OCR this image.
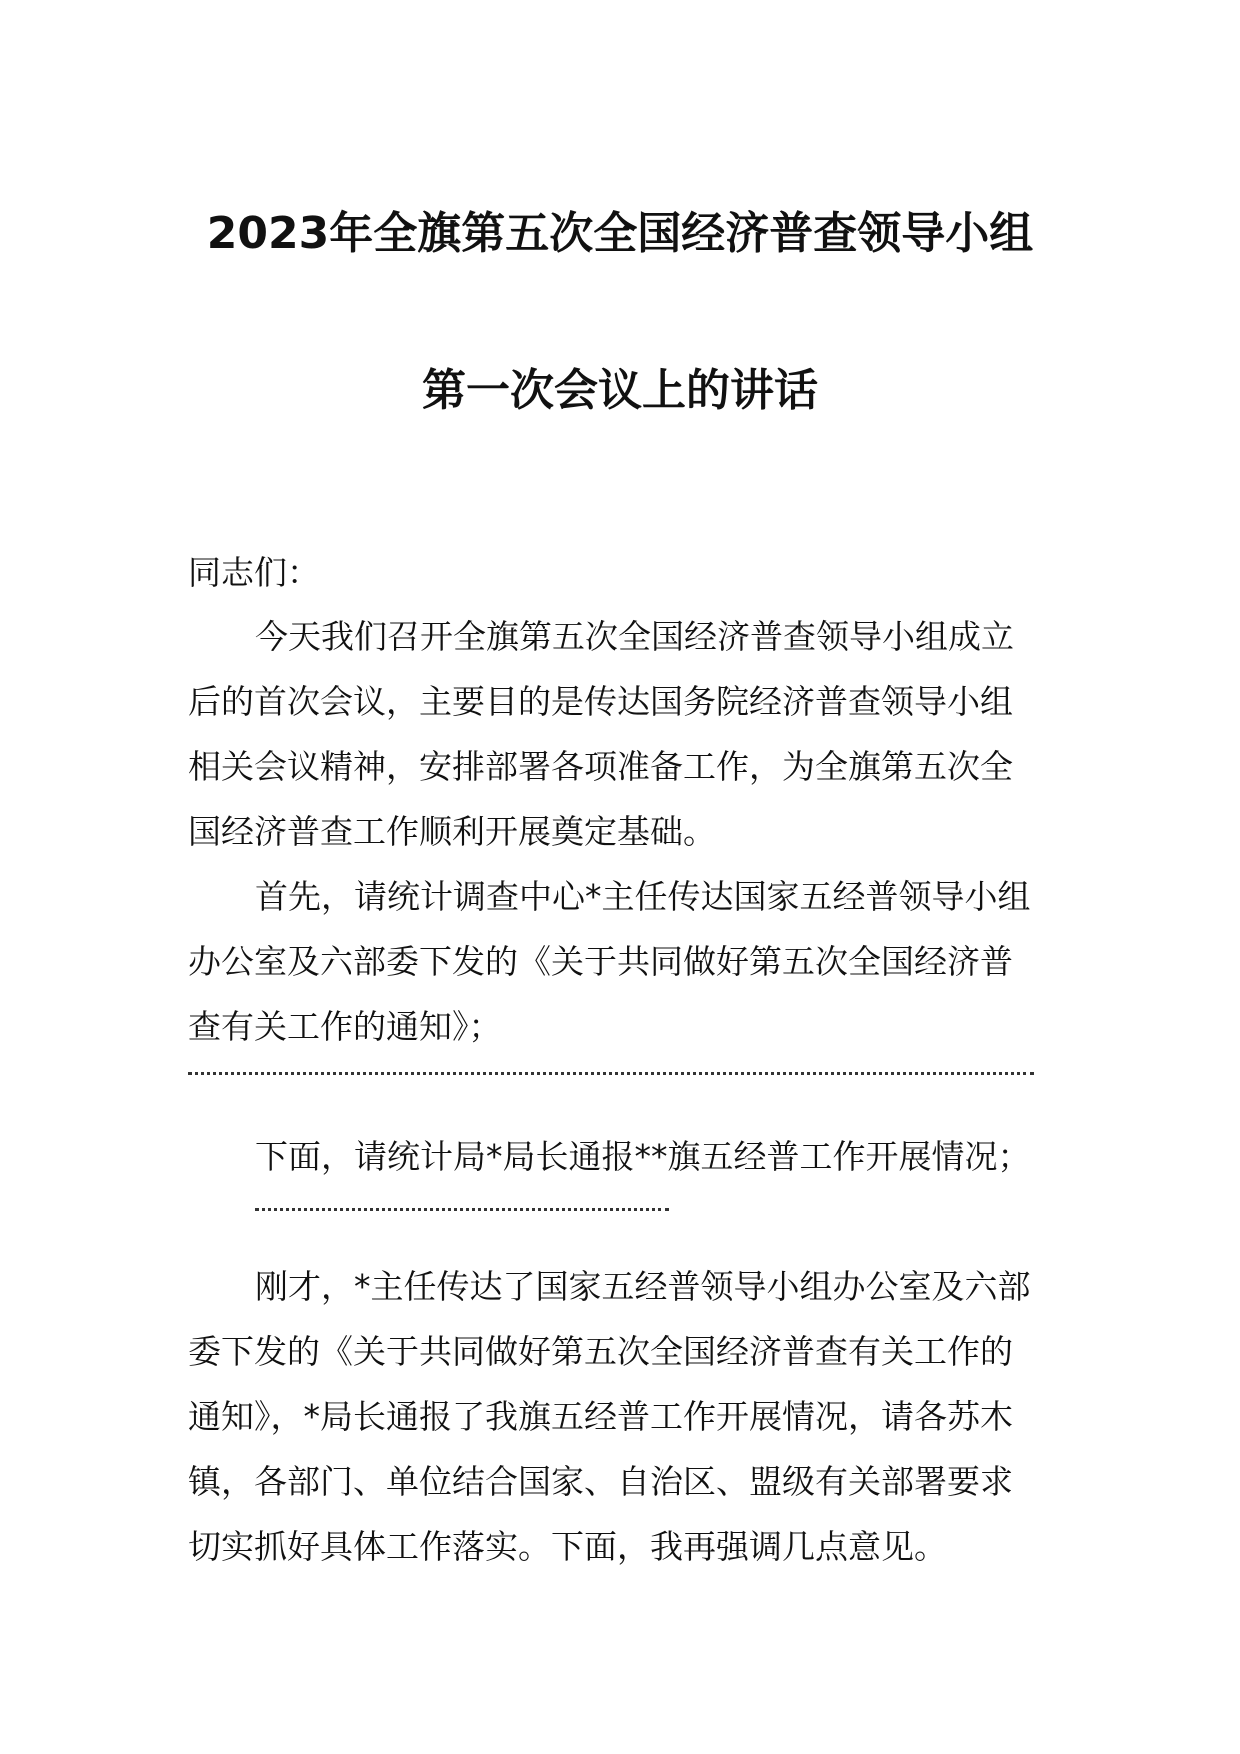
2023年全旗第五次全国经济普查领导小组
第一次会议上的讲话

同志们：

今天我们召开全旗第五次全国经济普查领导小组成立

后的首次会议，主要目的是传达国务院经济普查领导小组

相关会议精神，安排部署各项准备工作，为全旗第五次全

国经济普查工作顺利开展奠定基础。

首先，请统计调查中心*主任传达国家五经普领导小组

办公室及六部委下发的《关于共同做好第五次全国经济普

查有关工作的通知》；

下面，请统计局*局长通报**旗五经普工作开展情况；

刚才，*主任传达了国家五经普领导小组办公室及六部

委下发的《关于共同做好第五次全国经济普查有关工作的

通知》，*局长通报了我旗五经普工作开展情况，请各苏木

镇，各部门、单位结合国家、自治区、盟级有关部署要求

切实抓好具体工作落实。下面，我再强调几点意见。
